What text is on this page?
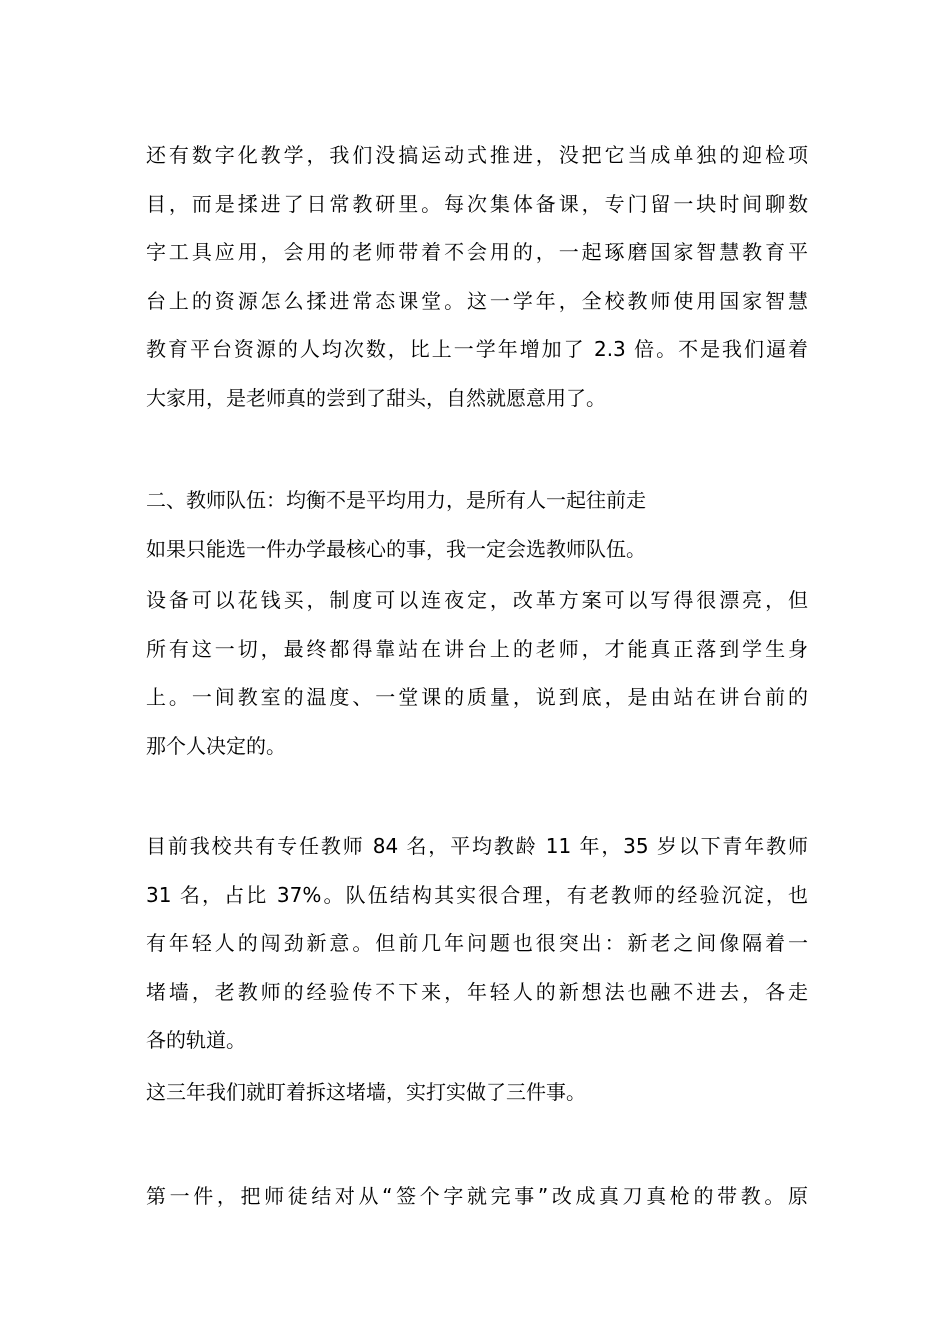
还有数字化教学，我们没搞运动式推进，没把它当成单独的迎检项
目，而是揉进了日常教研里。每次集体备课，专门留一块时间聊数
字工具应用，会用的老师带着不会用的，一起琢磨国家智慧教育平
台上的资源怎么揉进常态课堂。这一学年，全校教师使用国家智慧
教育平台资源的人均次数，比上一学年增加了 2.3 倍。不是我们逼着
大家用，是老师真的尝到了甜头，自然就愿意用了。
二、教师队伍：均衡不是平均用力，是所有人一起往前走
如果只能选一件办学最核心的事，我一定会选教师队伍。
设备可以花钱买，制度可以连夜定，改革方案可以写得很漂亮，但
所有这一切，最终都得靠站在讲台上的老师，才能真正落到学生身
上。一间教室的温度、一堂课的质量，说到底，是由站在讲台前的
那个人决定的。
目前我校共有专任教师 84 名，平均教龄 11 年，35 岁以下青年教师
31 名，占比 37%。队伍结构其实很合理，有老教师的经验沉淀，也
有年轻人的闯劲新意。但前几年问题也很突出：新老之间像隔着一
堵墙，老教师的经验传不下来，年轻人的新想法也融不进去，各走
各的轨道。
这三年我们就盯着拆这堵墙，实打实做了三件事。
第一件，把师徒结对从“签个字就完事”改成真刀真枪的带教。原
